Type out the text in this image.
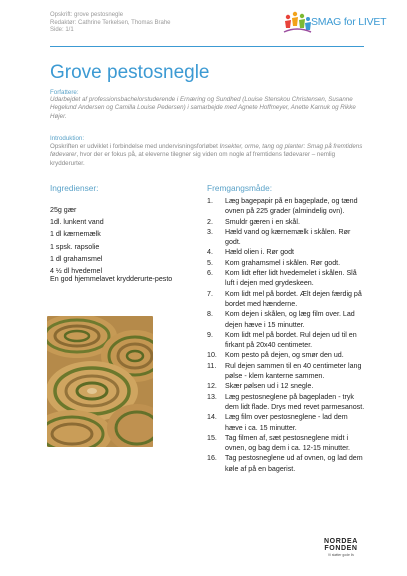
Opskrift: grove pestosnegle
Redaktør: Cathrine Terkelsen, Thomas Brahe
Side: 1/1
SMAG for LIVET
Grove pestosnegle
Forfattere:
Udarbejdet af professionsbachelorstuderende i Ernæring og Sundhed (Louise Stenskou Christensen, Susanne Hegelund Andersen og Camilla Louise Pedersen) i samarbejde med Agnete Hoffmeyer, Anette Karnuk og Rikke Højer.
Introduktion:
Opskriften er udviklet i forbindelse med undervisningsforløbet Insekter, orme, tang og planter: Smag på fremtidens fødevarer, hvor der er fokus på, at eleverne tilegner sig viden om nogle af fremtidens fødevarer – nemlig krydderurter.
Ingredienser:
25g gær
1dl. lunkent vand
1 dl kærnemælk
1 spsk. rapsolie
1 dl grahamsmel
4 ½ dl hvedemel
En god hjemmelavet krydderurte-pesto
Fremgangsmåde:
1. Læg bagepapir på en bageplade, og tænd ovnen på 225 grader (almindelig ovn).
2. Smuldr gæren i en skål.
3. Hæld vand og kærnemælk i skålen. Rør godt.
4. Hæld olien i. Rør godt
5. Kom grahamsmel i skålen. Rør godt.
6. Kom lidt efter lidt hvedemelet i skålen. Slå luft i dejen med grydeskeen.
7. Kom lidt mel på bordet. Ælt dejen færdig på bordet med hænderne.
8. Kom dejen i skålen, og læg film over. Lad dejen hæve i 15 minutter.
9. Kom lidt mel på bordet. Rul dejen ud til en firkant på 20x40 centimeter.
10. Kom pesto på dejen, og smør den ud.
11. Rul dejen sammen til en 40 centimeter lang pølse - klem kanterne sammen.
12. Skær pølsen ud i 12 snegle.
13. Læg pestosneglene på bagepladen - tryk dem lidt flade. Drys med revet parmesanost.
14. Læg film over pestosneglene - lad dem hæve i ca. 15 minutter.
15. Tag filmen af, sæt pestosneglene midt i ovnen, og bag dem i ca. 12-15 minutter.
16. Tag pestosneglene ud af ovnen, og lad dem køle af på en bagerist.
NORDEA
FONDEN
Vi støtter gode liv
